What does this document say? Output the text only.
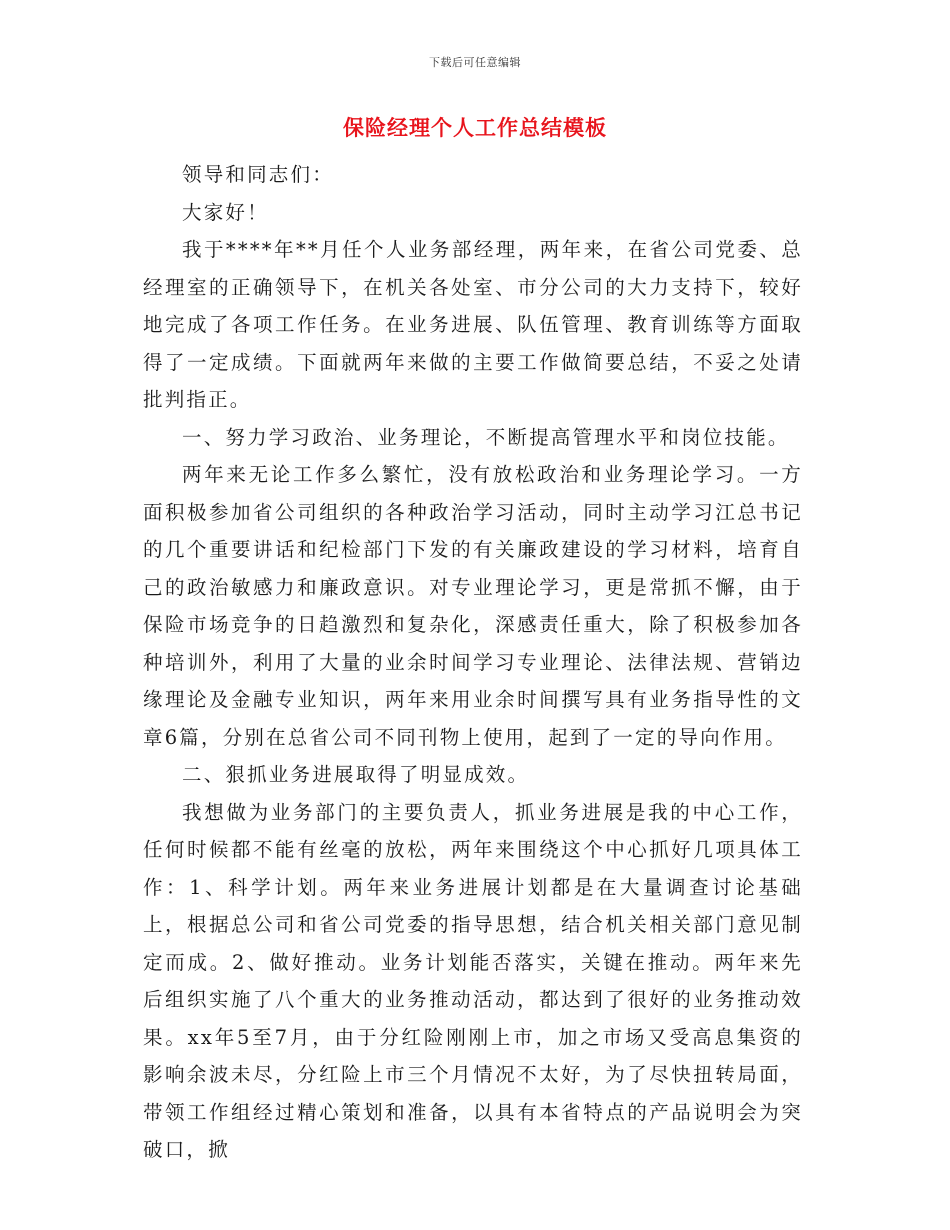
下载后可任意编辑
保险经理个人工作总结模板

领导和同志们：

大家好！

我于****年**月任个人业务部经理，两年来，在省公司党委、总经理室的正确领导下，在机关各处室、市分公司的大力支持下，较好地完成了各项工作任务。在业务进展、队伍管理、教育训练等方面取得了一定成绩。下面就两年来做的主要工作做简要总结，不妥之处请批判指正。

一、努力学习政治、业务理论，不断提高管理水平和岗位技能。

两年来无论工作多么繁忙，没有放松政治和业务理论学习。一方面积极参加省公司组织的各种政治学习活动，同时主动学习江总书记的几个重要讲话和纪检部门下发的有关廉政建设的学习材料，培育自己的政治敏感力和廉政意识。对专业理论学习，更是常抓不懈，由于保险市场竞争的日趋激烈和复杂化，深感责任重大，除了积极参加各种培训外，利用了大量的业余时间学习专业理论、法律法规、营销边缘理论及金融专业知识，两年来用业余时间撰写具有业务指导性的文章6篇，分别在总省公司不同刊物上使用，起到了一定的导向作用。

二、狠抓业务进展取得了明显成效。

我想做为业务部门的主要负责人，抓业务进展是我的中心工作，任何时候都不能有丝毫的放松，两年来围绕这个中心抓好几项具体工作：1、科学计划。两年来业务进展计划都是在大量调查讨论基础上，根据总公司和省公司党委的指导思想，结合机关相关部门意见制定而成。2、做好推动。业务计划能否落实，关键在推动。两年来先后组织实施了八个重大的业务推动活动，都达到了很好的业务推动效果。xx年5至7月，由于分红险刚刚上市，加之市场又受高息集资的影响余波未尽，分红险上市三个月情况不太好，为了尽快扭转局面，带领工作组经过精心策划和准备，以具有本省特点的产品说明会为突破口，掀
